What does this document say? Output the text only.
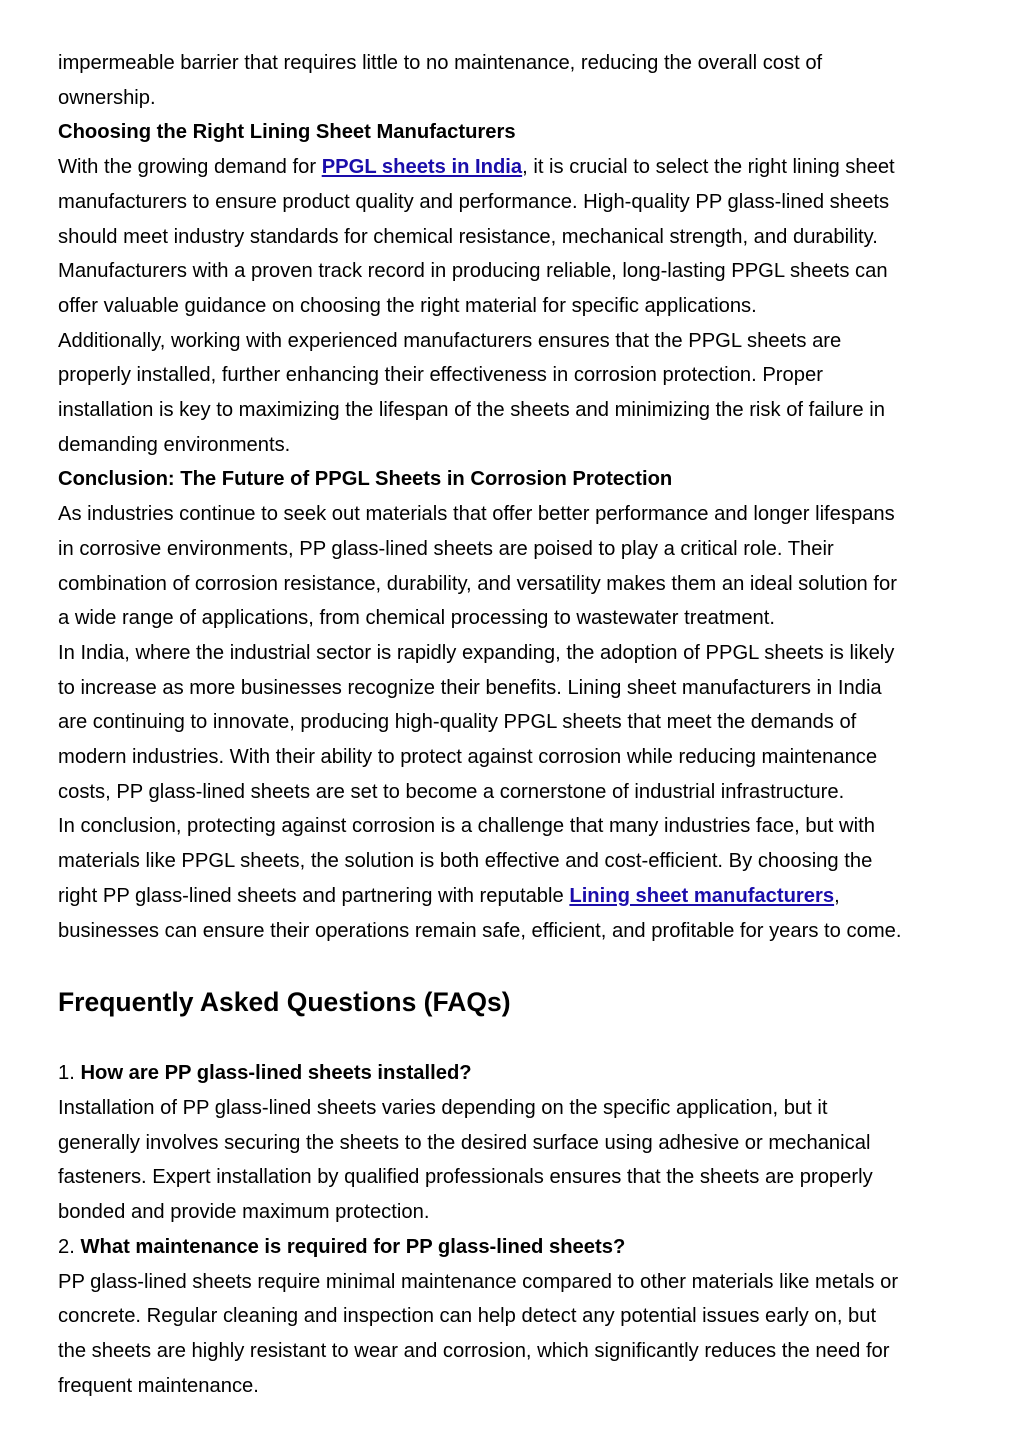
impermeable barrier that requires little to no maintenance, reducing the overall cost of

ownership.

Choosing the Right Lining Sheet Manufacturers

With the growing demand for PPGL sheets in India, it is crucial to select the right lining sheet

manufacturers to ensure product quality and performance. High-quality PP glass-lined sheets

should meet industry standards for chemical resistance, mechanical strength, and durability.

Manufacturers with a proven track record in producing reliable, long-lasting PPGL sheets can

offer valuable guidance on choosing the right material for specific applications.

Additionally, working with experienced manufacturers ensures that the PPGL sheets are

properly installed, further enhancing their effectiveness in corrosion protection. Proper

installation is key to maximizing the lifespan of the sheets and minimizing the risk of failure in

demanding environments.

Conclusion: The Future of PPGL Sheets in Corrosion Protection

As industries continue to seek out materials that offer better performance and longer lifespans

in corrosive environments, PP glass-lined sheets are poised to play a critical role. Their

combination of corrosion resistance, durability, and versatility makes them an ideal solution for

a wide range of applications, from chemical processing to wastewater treatment.

In India, where the industrial sector is rapidly expanding, the adoption of PPGL sheets is likely

to increase as more businesses recognize their benefits. Lining sheet manufacturers in India

are continuing to innovate, producing high-quality PPGL sheets that meet the demands of

modern industries. With their ability to protect against corrosion while reducing maintenance

costs, PP glass-lined sheets are set to become a cornerstone of industrial infrastructure.

In conclusion, protecting against corrosion is a challenge that many industries face, but with

materials like PPGL sheets, the solution is both effective and cost-efficient. By choosing the

right PP glass-lined sheets and partnering with reputable Lining sheet manufacturers,

businesses can ensure their operations remain safe, efficient, and profitable for years to come.

Frequently Asked Questions (FAQs)

1. How are PP glass-lined sheets installed?

Installation of PP glass-lined sheets varies depending on the specific application, but it

generally involves securing the sheets to the desired surface using adhesive or mechanical

fasteners. Expert installation by qualified professionals ensures that the sheets are properly

bonded and provide maximum protection.

2. What maintenance is required for PP glass-lined sheets?

PP glass-lined sheets require minimal maintenance compared to other materials like metals or

concrete. Regular cleaning and inspection can help detect any potential issues early on, but

the sheets are highly resistant to wear and corrosion, which significantly reduces the need for

frequent maintenance.
